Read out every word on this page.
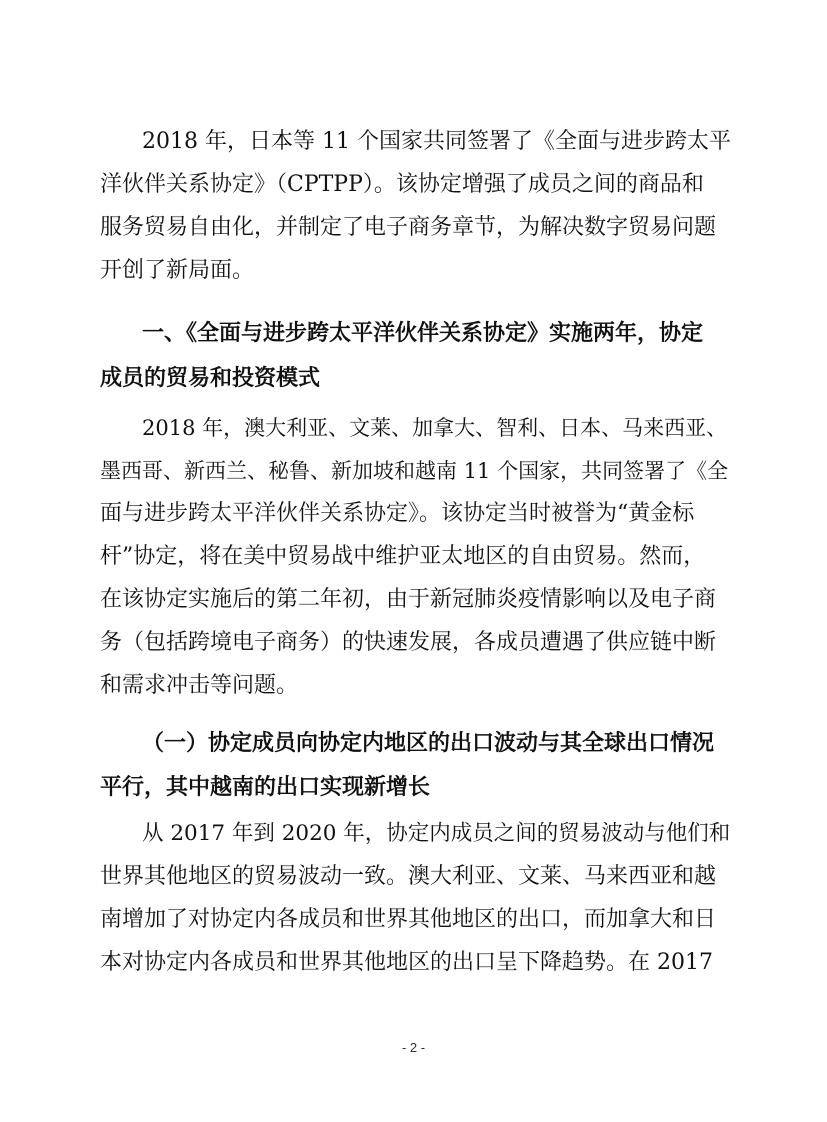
2018 年，日本等 11 个国家共同签署了《全面与进步跨太平
洋伙伴关系协定》（CPTPP）。该协定增强了成员之间的商品和
服务贸易自由化，并制定了电子商务章节，为解决数字贸易问题
开创了新局面。
一、《全面与进步跨太平洋伙伴关系协定》实施两年，协定
成员的贸易和投资模式
2018 年，澳大利亚、文莱、加拿大、智利、日本、马来西亚、
墨西哥、新西兰、秘鲁、新加坡和越南 11 个国家，共同签署了《全
面与进步跨太平洋伙伴关系协定》。该协定当时被誉为“黄金标
杆”协定，将在美中贸易战中维护亚太地区的自由贸易。然而，
在该协定实施后的第二年初，由于新冠肺炎疫情影响以及电子商
务（包括跨境电子商务）的快速发展，各成员遭遇了供应链中断
和需求冲击等问题。
（一）协定成员向协定内地区的出口波动与其全球出口情况
平行，其中越南的出口实现新增长
从 2017 年到 2020 年，协定内成员之间的贸易波动与他们和
世界其他地区的贸易波动一致。澳大利亚、文莱、马来西亚和越
南增加了对协定内各成员和世界其他地区的出口，而加拿大和日
本对协定内各成员和世界其他地区的出口呈下降趋势。在 2017
- 2 -
